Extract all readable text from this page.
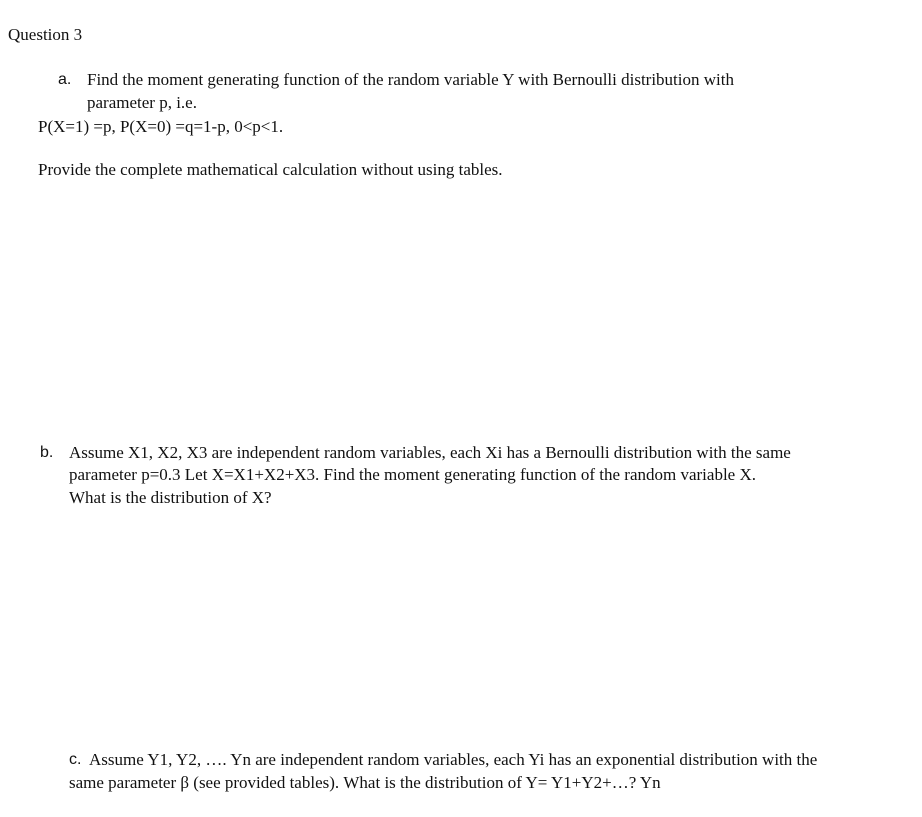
Question 3
a. Find the moment generating function of the random variable Y with Bernoulli distribution with
parameter p, i.e.
P(X=1) =p, P(X=0) =q=1-p, 0<p<1.
Provide the complete mathematical calculation without using tables.
b. Assume X1, X2, X3 are independent random variables, each Xi has a Bernoulli distribution with the same
parameter p=0.3 Let X=X1+X2+X3. Find the moment generating function of the random variable X.
What is the distribution of X?
c. Assume Y1, Y2, …. Yn are independent random variables, each Yi has an exponential distribution with the
same parameter β (see provided tables). What is the distribution of Y= Y1+Y2+…? Yn
